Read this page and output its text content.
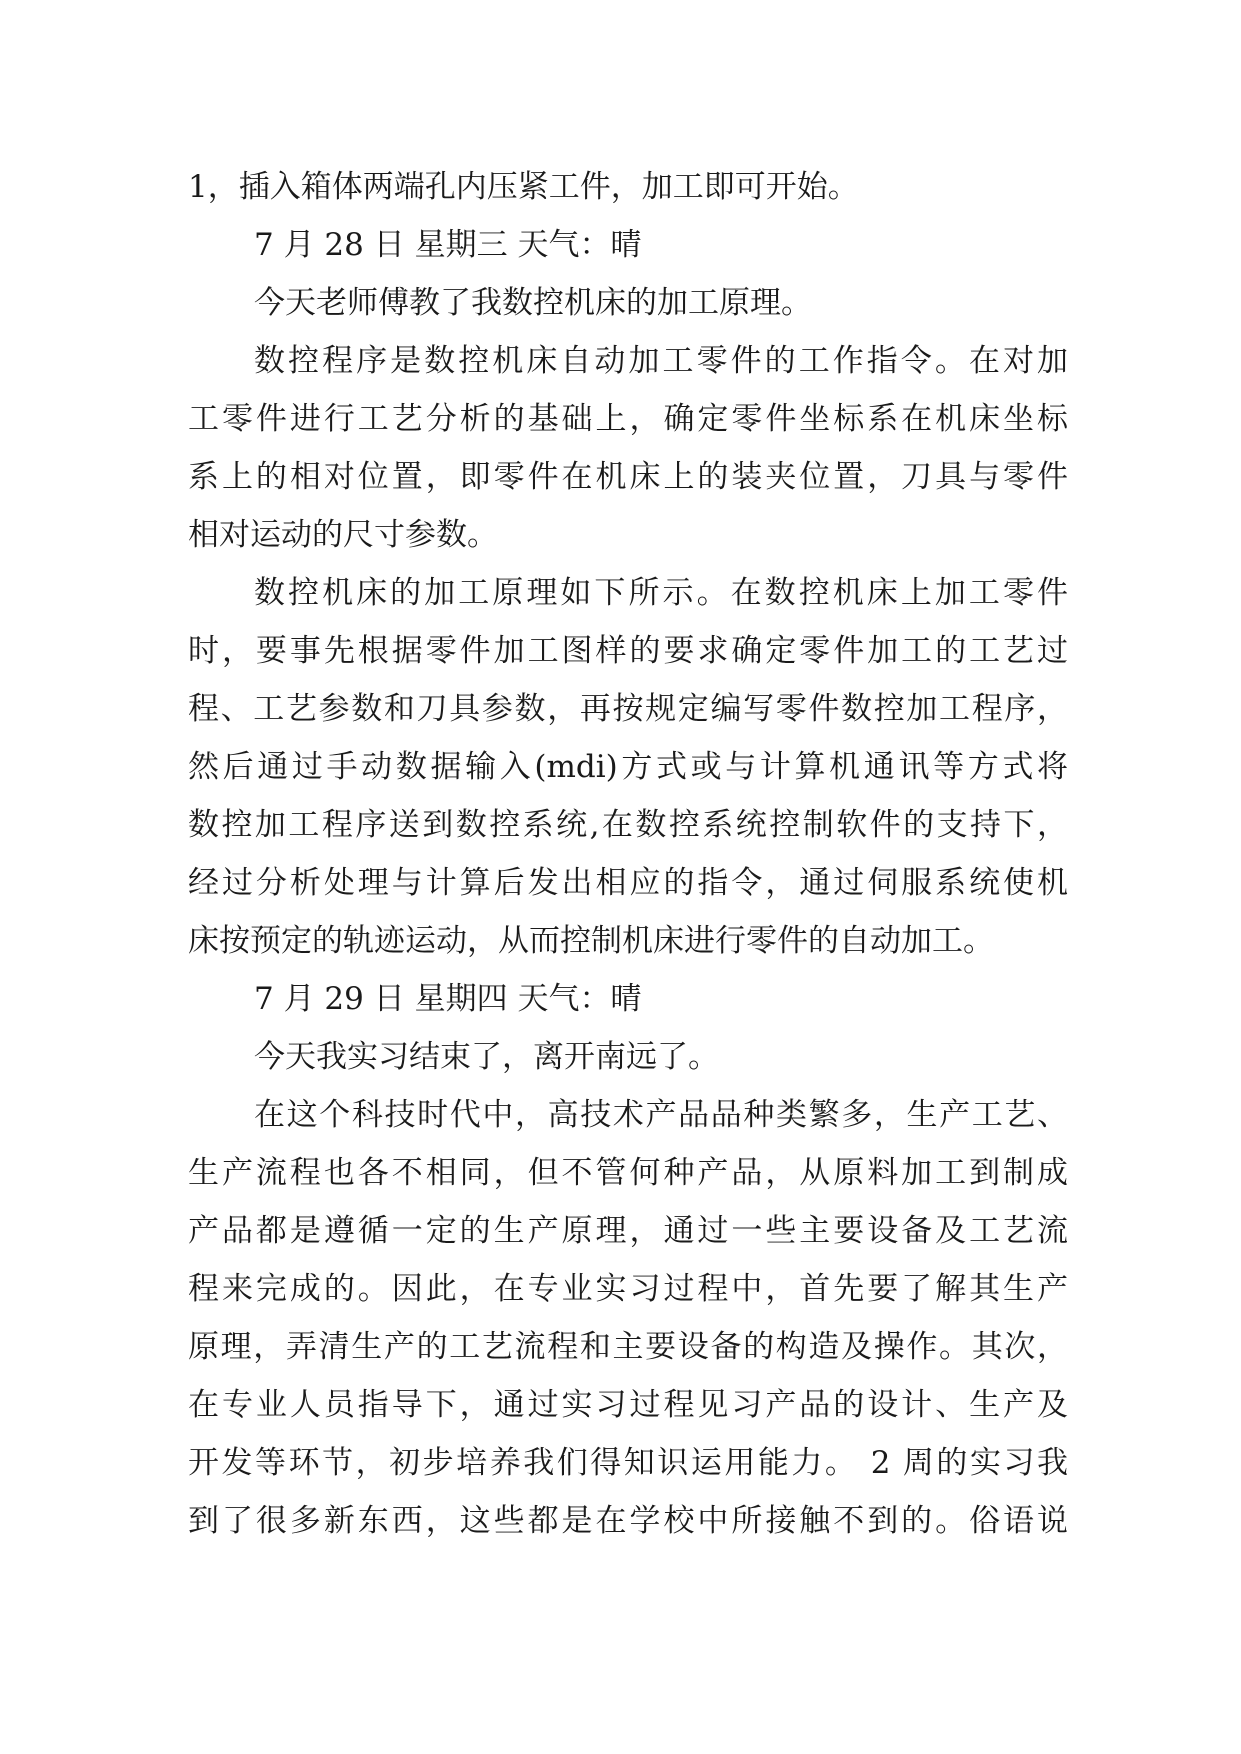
1，插入箱体两端孔内压紧工件，加工即可开始。
7 月 28 日 星期三 天气：晴
今天老师傅教了我数控机床的加工原理。
数控程序是数控机床自动加工零件的工作指令。在对加
工零件进行工艺分析的基础上，确定零件坐标系在机床坐标
系上的相对位置，即零件在机床上的装夹位置，刀具与零件
相对运动的尺寸参数。
数控机床的加工原理如下所示。在数控机床上加工零件
时，要事先根据零件加工图样的要求确定零件加工的工艺过
程、工艺参数和刀具参数，再按规定编写零件数控加工程序，
然后通过手动数据输入(mdi)方式或与计算机通讯等方式将
数控加工程序送到数控系统,在数控系统控制软件的支持下，
经过分析处理与计算后发出相应的指令，通过伺服系统使机
床按预定的轨迹运动，从而控制机床进行零件的自动加工。
7 月 29 日 星期四 天气：晴
今天我实习结束了，离开南远了。
在这个科技时代中，高技术产品品种类繁多，生产工艺、
生产流程也各不相同，但不管何种产品，从原料加工到制成
产品都是遵循一定的生产原理，通过一些主要设备及工艺流
程来完成的。因此，在专业实习过程中，首先要了解其生产
原理，弄清生产的工艺流程和主要设备的构造及操作。其次，
在专业人员指导下，通过实习过程见习产品的设计、生产及
开发等环节，初步培养我们得知识运用能力。 2 周的实习我
到了很多新东西，这些都是在学校中所接触不到的。俗语说
